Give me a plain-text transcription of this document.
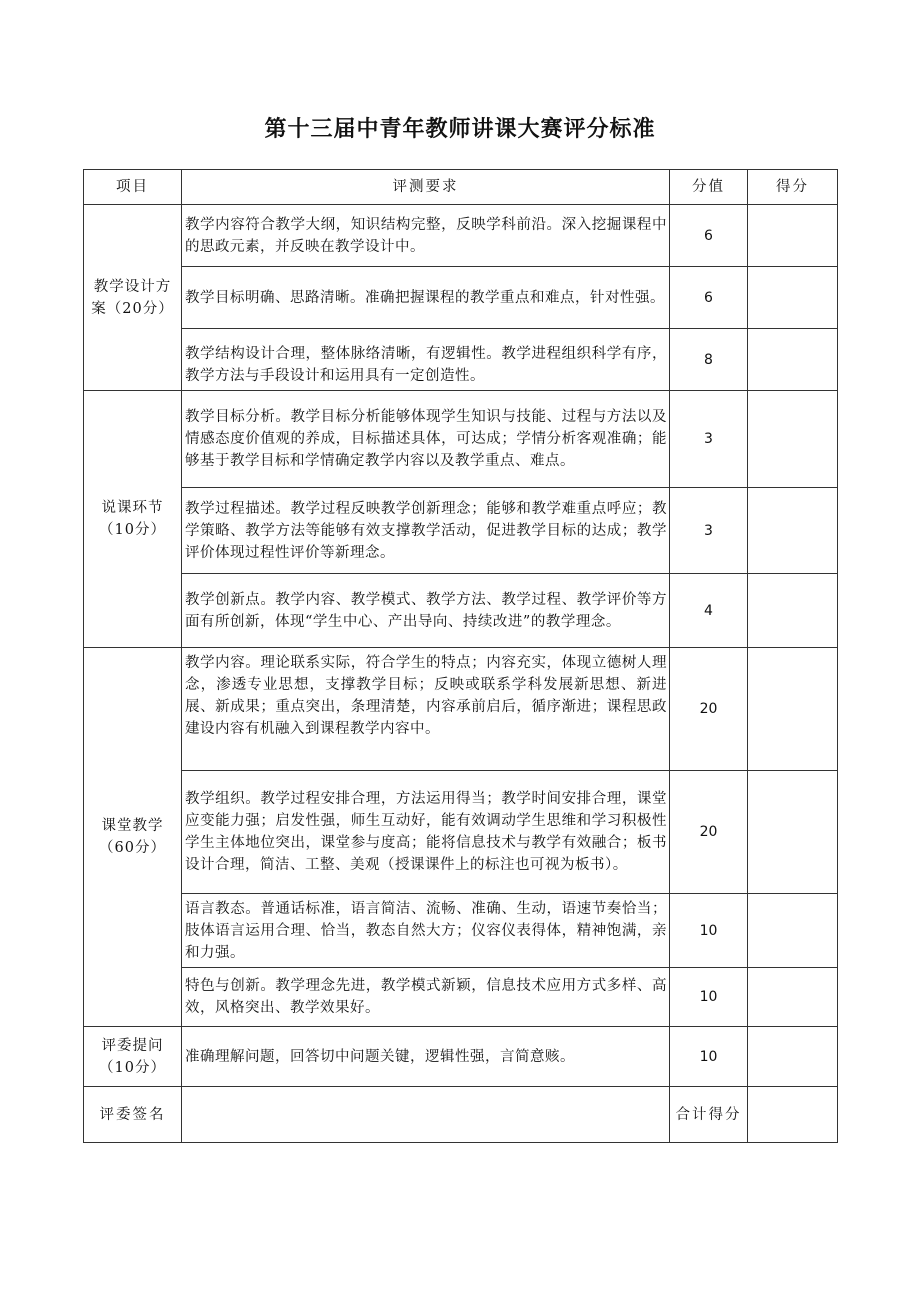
第十三届中青年教师讲课大赛评分标准
项目	评测要求	分值	得分
教学设计方案（20分）	教学内容符合教学大纲，知识结构完整，反映学科前沿。深入挖掘课程中的思政元素，并反映在教学设计中。	6	
	教学目标明确、思路清晰。准确把握课程的教学重点和难点，针对性强。	6	
	教学结构设计合理，整体脉络清晰，有逻辑性。教学进程组织科学有序，教学方法与手段设计和运用具有一定创造性。	8	
说课环节（10分）	教学目标分析。教学目标分析能够体现学生知识与技能、过程与方法以及情感态度价值观的养成，目标描述具体，可达成；学情分析客观准确；能够基于教学目标和学情确定教学内容以及教学重点、难点。	3	
	教学过程描述。教学过程反映教学创新理念；能够和教学难重点呼应；教学策略、教学方法等能够有效支撑教学活动，促进教学目标的达成；教学评价体现过程性评价等新理念。	3	
	教学创新点。教学内容、教学模式、教学方法、教学过程、教学评价等方面有所创新，体现“学生中心、产出导向、持续改进”的教学理念。	4	
课堂教学（60分）	教学内容。理论联系实际，符合学生的特点；内容充实，体现立德树人理念，渗透专业思想，支撑教学目标；反映或联系学科发展新思想、新进展、新成果；重点突出，条理清楚，内容承前启后，循序渐进；课程思政建设内容有机融入到课程教学内容中。	20	
	教学组织。教学过程安排合理，方法运用得当；教学时间安排合理，课堂应变能力强；启发性强，师生互动好，能有效调动学生思维和学习积极性学生主体地位突出，课堂参与度高；能将信息技术与教学有效融合；板书设计合理，简洁、工整、美观（授课课件上的标注也可视为板书）。	20	
	语言教态。普通话标准，语言简洁、流畅、准确、生动，语速节奏恰当；肢体语言运用合理、恰当，教态自然大方；仪容仪表得体，精神饱满，亲和力强。	10	
	特色与创新。教学理念先进，教学模式新颖，信息技术应用方式多样、高效，风格突出、教学效果好。	10	
评委提问（10分）	准确理解问题，回答切中问题关键，逻辑性强，言简意赅。	10	
评委签名		合计得分	
